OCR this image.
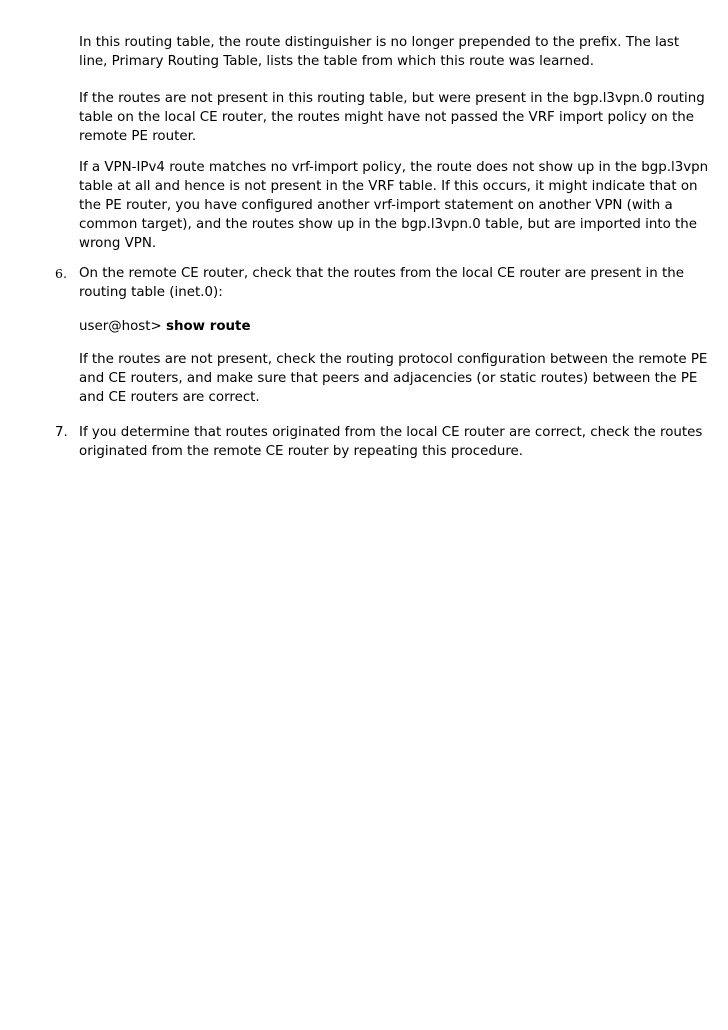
In this routing table, the route distinguisher is no longer prepended to the prefix. The last line, Primary Routing Table, lists the table from which this route was learned.

If the routes are not present in this routing table, but were present in the bgp.l3vpn.0 routing table on the local CE router, the routes might have not passed the VRF import policy on the remote PE router.

If a VPN-IPv4 route matches no vrf-import policy, the route does not show up in the bgp.l3vpn table at all and hence is not present in the VRF table. If this occurs, it might indicate that on the PE router, you have configured another vrf-import statement on another VPN (with a common target), and the routes show up in the bgp.l3vpn.0 table, but are imported into the wrong VPN.

6. On the remote CE router, check that the routes from the local CE router are present in the routing table (inet.0):

user@host> show route

If the routes are not present, check the routing protocol configuration between the remote PE and CE routers, and make sure that peers and adjacencies (or static routes) between the PE and CE routers are correct.

7. If you determine that routes originated from the local CE router are correct, check the routes originated from the remote CE router by repeating this procedure.
